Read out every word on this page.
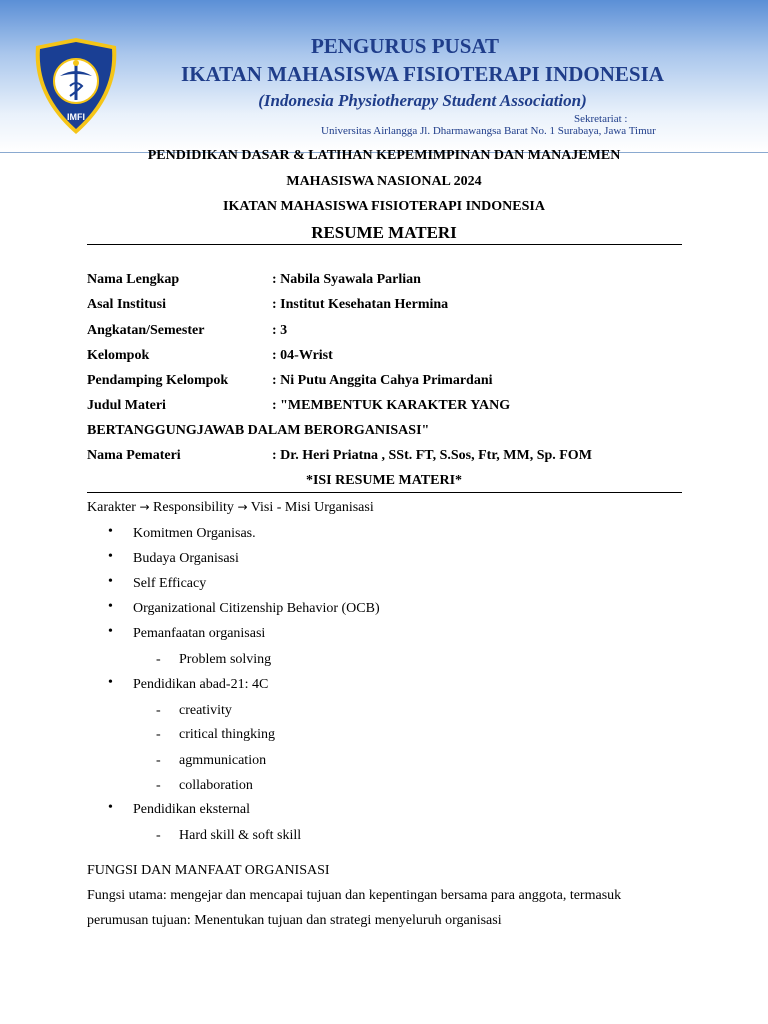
IMFI
PENGURUS PUSAT
IKATAN MAHASISWA FISIOTERAPI INDONESIA
(Indonesia Physiotherapy Student Association)
Sekretariat :
Universitas Airlangga Jl. Dharmawangsa Barat No. 1 Surabaya, Jawa Timur
PENDIDIKAN DASAR & LATIHAN KEPEMIMPINAN DAN MANAJEMEN
MAHASISWA NASIONAL 2024
IKATAN MAHASISWA FISIOTERAPI INDONESIA
RESUME MATERI
Nama Lengkap	: Nabila Syawala Parlian
Asal Institusi	: Institut Kesehatan Hermina
Angkatan/Semester	: 3
Kelompok	: 04-Wrist
Pendamping Kelompok	: Ni Putu Anggita Cahya Primardani
Judul Materi	: "MEMBENTUK KARAKTER YANG
BERTANGGUNGJAWAB DALAM BERORGANISASI"
Nama Pemateri	: Dr. Heri Priatna , SSt. FT, S.Sos, Ftr, MM, Sp. FOM
*ISI RESUME MATERI*
Karakter → Responsibility → Visi - Misi Urganisasi
• Komitmen Organisas.
• Budaya Organisasi
• Self Efficacy
• Organizational Citizenship Behavior (OCB)
• Pemanfaatan organisasi
- Problem solving
• Pendidikan abad-21: 4C
- creativity
- critical thingking
- agmmunication
- collaboration
• Pendidikan eksternal
- Hard skill & soft skill
FUNGSI DAN MANFAAT ORGANISASI
Fungsi utama: mengejar dan mencapai tujuan dan kepentingan bersama para anggota, termasuk
perumusan tujuan: Menentukan tujuan dan strategi menyeluruh organisasi
